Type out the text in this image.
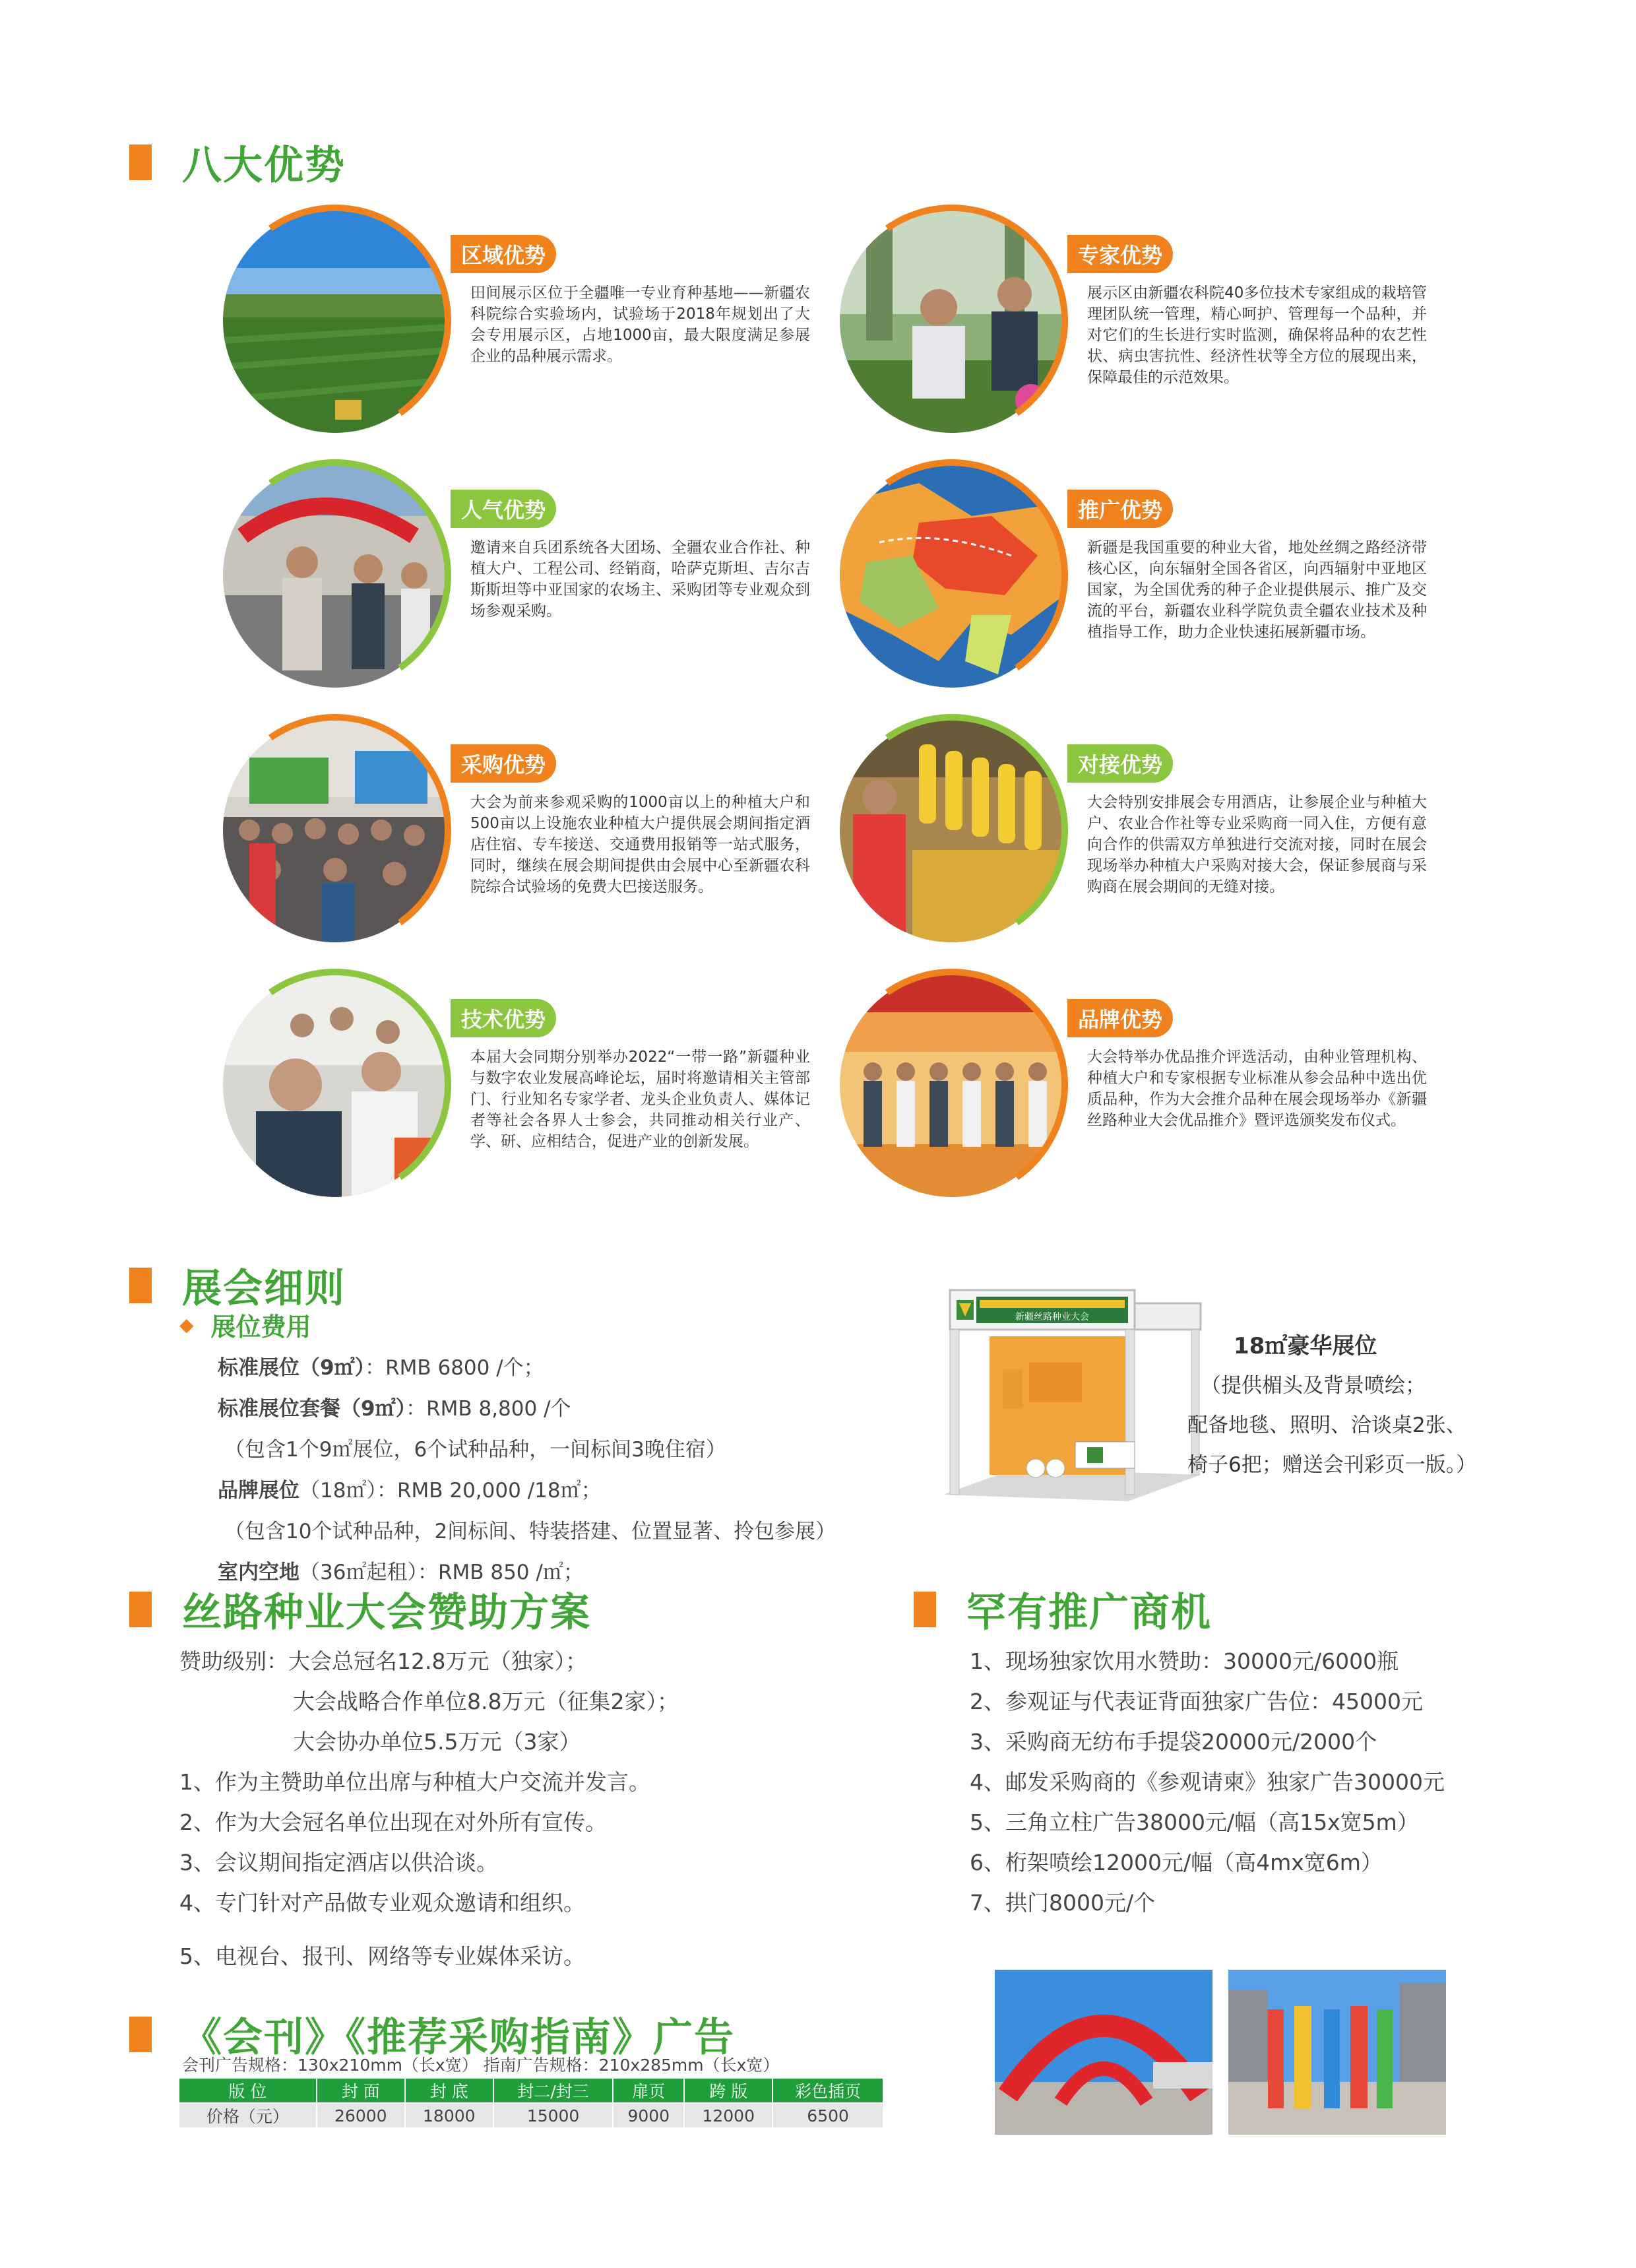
八大优势
区域优势
田间展示区位于全疆唯一专业育种基地——新疆农科院综合实验场内，试验场于2018年规划出了大会专用展示区，占地1000亩，最大限度满足参展企业的品种展示需求。
专家优势
展示区由新疆农科院40多位技术专家组成的栽培管理团队统一管理，精心呵护、管理每一个品种，并对它们的生长进行实时监测，确保将品种的农艺性状、病虫害抗性、经济性状等全方位的展现出来，保障最佳的示范效果。
人气优势
邀请来自兵团系统各大团场、全疆农业合作社、种植大户、工程公司、经销商，哈萨克斯坦、吉尔吉斯斯坦等中亚国家的农场主、采购团等专业观众到场参观采购。
推广优势
新疆是我国重要的种业大省，地处丝绸之路经济带核心区，向东辐射全国各省区，向西辐射中亚地区国家，为全国优秀的种子企业提供展示、推广及交流的平台，新疆农业科学院负责全疆农业技术及种植指导工作，助力企业快速拓展新疆市场。
采购优势
大会为前来参观采购的1000亩以上的种植大户和500亩以上设施农业种植大户提供展会期间指定酒店住宿、专车接送、交通费用报销等一站式服务，同时，继续在展会期间提供由会展中心至新疆农科院综合试验场的免费大巴接送服务。
对接优势
大会特别安排展会专用酒店，让参展企业与种植大户、农业合作社等专业采购商一同入住，方便有意向合作的供需双方单独进行交流对接，同时在展会现场举办种植大户采购对接大会，保证参展商与采购商在展会期间的无缝对接。
技术优势
本届大会同期分别举办2022“一带一路”新疆种业与数字农业发展高峰论坛，届时将邀请相关主管部门、行业知名专家学者、龙头企业负责人、媒体记者等社会各界人士参会，共同推动相关行业产、学、研、应相结合，促进产业的创新发展。
品牌优势
大会特举办优品推介评选活动，由种业管理机构、种植大户和专家根据专业标准从参会品种中选出优质品种，作为大会推介品种在展会现场举办《新疆丝路种业大会优品推介》暨评选颁奖发布仪式。
展会细则
◆ 展位费用
标准展位（9㎡）：RMB 6800 /个；
标准展位套餐（9㎡）：RMB 8,800 /个
（包含1个9㎡展位，6个试种品种，一间标间3晚住宿）
品牌展位（18㎡）：RMB 20,000 /18㎡；
（包含10个试种品种，2间标间、特装搭建、位置显著、拎包参展）
室内空地（36㎡起租）：RMB 850 /㎡；
新疆丝路种业大会
18㎡豪华展位
（提供楣头及背景喷绘；
配备地毯、照明、洽谈桌2张、
椅子6把；赠送会刊彩页一版。）
丝路种业大会赞助方案
赞助级别：大会总冠名12.8万元（独家）；
大会战略合作单位8.8万元（征集2家）；
大会协办单位5.5万元（3家）
1、作为主赞助单位出席与种植大户交流并发言。
2、作为大会冠名单位出现在对外所有宣传。
3、会议期间指定酒店以供洽谈。
4、专门针对产品做专业观众邀请和组织。
5、电视台、报刊、网络等专业媒体采访。
罕有推广商机
1、现场独家饮用水赞助：30000元/6000瓶
2、参观证与代表证背面独家广告位：45000元
3、采购商无纺布手提袋20000元/2000个
4、邮发采购商的《参观请柬》独家广告30000元
5、三角立柱广告38000元/幅（高15x宽5m）
6、桁架喷绘12000元/幅（高4mx宽6m）
7、拱门8000元/个
《会刊》《推荐采购指南》广告
会刊广告规格：130x210mm（长x宽） 指南广告规格：210x285mm（长x宽）
版 位	封 面	封 底	封二/封三	扉页	跨 版	彩色插页
价格（元）	26000	18000	15000	9000	12000	6500
